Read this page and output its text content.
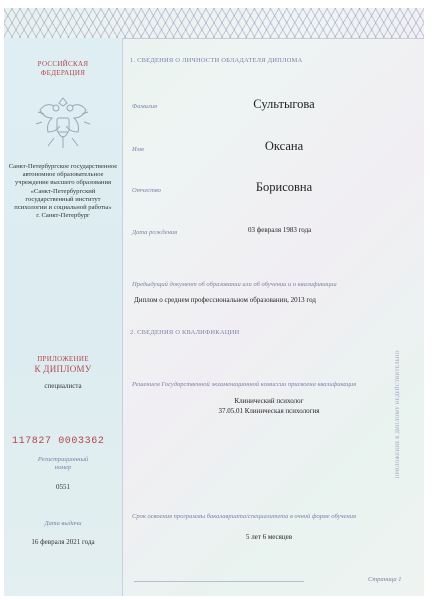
РОССИЙСКАЯ
ФЕДЕРАЦИЯ
Санкт-Петербургское государственное
автономное образовательное
учреждение высшего образования
«Санкт-Петербургский
государственный институт
психологии и социальной работы»
г. Санкт-Петербург
ПРИЛОЖЕНИЕ
К ДИПЛОМУ
специалиста
117827 0003362
Регистрационный
номер
0551
Дата выдачи
16 февраля 2021 года
1. СВЕДЕНИЯ О ЛИЧНОСТИ ОБЛАДАТЕЛЯ ДИПЛОМА
Фамилия	Сультыгова
Имя	Оксана
Отчество	Борисовна
Дата рождения	03 февраля 1983 года
Предыдущий документ об образовании или об обучении и о квалификации
Диплом о среднем профессиональном образовании, 2013 год
2. СВЕДЕНИЯ О КВАЛИФИКАЦИИ
Решением Государственной экзаменационной комиссии присвоена квалификация
Клинический психолог
37.05.01 Клиническая психология
Срок освоения программы бакалавриата/специалитета в очной форме обучения
5 лет 6 месяцев
Страница 1
ПРИЛОЖЕНИЕ К ДИПЛОМУ НЕДЕЙСТВИТЕЛЬНО
